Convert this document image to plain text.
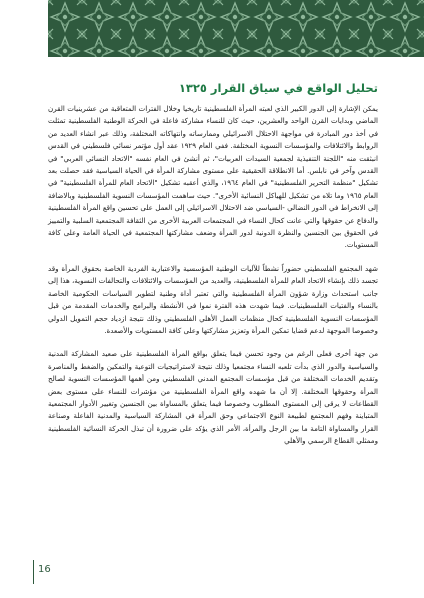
تحليل الواقع في سياق القرار ١٣٢٥

يمكن الإشارة إلى الدور الكبير الذي لعبته المرأة الفلسطينية تاريخيا وخلال الفترات المتعاقبة من عشرينيات القرن الماضي وبدايات القرن الواحد والعشرين، حيث كان للنساء مشاركة فاعلة في الحركة الوطنية الفلسطينية تمثلت في أخذ دور المبادرة في مواجهة الاحتلال الاسرائيلي وممارساته وانتهاكاته المختلفة، وذلك عبر انشاء العديد من الروابط والائتلافات والمؤسسات النسوية المختلفة. ففي العام ١٩٢٩ عقد أول مؤتمر نسائي فلسطيني في القدس انبثقت منه "اللجنة التنفيذية لجمعية السيدات العربيات"، ثم أنشئ في العام نفسه "الاتحاد النسائي العربي" في القدس وآخر في نابلس. أما الانطلاقة الحقيقية على مستوى مشاركة المرأة في الحياة السياسية فقد حصلت بعد تشكيل "منظمة التحرير الفلسطينية" في العام ١٩٦٤، والذي أعقبه تشكيل "الاتحاد العام للمرأة الفلسطينية" في العام ١٩٦٥ وما تلاه من تشكيل للهياكل النسائية الأخرى". حيث ساهمت المؤسسات النسوية الفلسطينية وبالاضافة إلى الانخراط في الدور النضالي -السياسي ضد الاحتلال الاسرائيلي إلى العمل على تحسين واقع المرأة الفلسطينية والدفاع عن حقوقها والتي عانت كحال النساء في المجتمعات العربية الأخرى من الثقافة المجتمعية السلبية والتمييز في الحقوق بين الجنسين والنظرة الدونية لدور المرأة وضعف مشاركتها المجتمعية في الحياة العامة وعلى كافة المستويات.

شهد المجتمع الفلسطيني حضوراً نشطاً للآليات الوطنية المؤسسية والاعتبارية الفردية الخاصة بحقوق المرأة وقد تجسد ذلك بإنشاء الاتحاد العام للمرأة الفلسطينية، والعديد من المؤسسات والائتلافات والتحالفات النسوية، هذا إلى جانب استحداث وزارة شؤون المرأة الفلسطينية والتي تعتبر أداة وطنية لتطوير السياسات الحكومية الخاصة بالنساء والفتيات الفلسطينيات. فيما شهدت هذه الفترة نموا في الأنشطة والبرامج والخدمات المقدمة من قبل المؤسسات النسوية الفلسطينية كحال منظمات العمل الأهلي الفلسطيني وذلك نتيجة ازدياد حجم التمويل الدولي وخصوصا الموجهة لدعم قضايا تمكين المرأة وتعزيز مشاركتها وعلى كافة المستويات والأصعدة.

من جهة أخرى فعلى الرغم من وجود تحسن فيما يتعلق بواقع المرأة الفلسطينية على صعيد المشاركة المدنية والسياسية والدور الذي بدأت تلعبه النساء مجتمعيا وذلك نتيجة لاستراتيجيات التوعية والتمكين والضغط والمناصرة وتقديم الخدمات المختلفة من قبل مؤسسات المجتمع المدني الفلسطيني ومن أهمها المؤسسات النسوية لصالح المرأة وحقوقها المختلفة. إلا أن ما شهده واقع المرأة الفلسطينية من مؤشرات للنساء على مستوى بعض القطاعات لا يرقى إلى المستوى المطلوب وخصوصا فيما يتعلق بالمساواة بين الجنسين وتغيير الأدوار المجتمعية المتباينة وفهم المجتمع لطبيعة النوع الاجتماعي وحق المرأة في المشاركة السياسية والمدنية الفاعلة وصناعة القرار والمساواة التامة ما بين الرجل والمرأة، الأمر الذي يؤكد على ضرورة أن تبذل الحركة النسائية الفلسطينية وممثلي القطاع الرسمي والأهلي

16
